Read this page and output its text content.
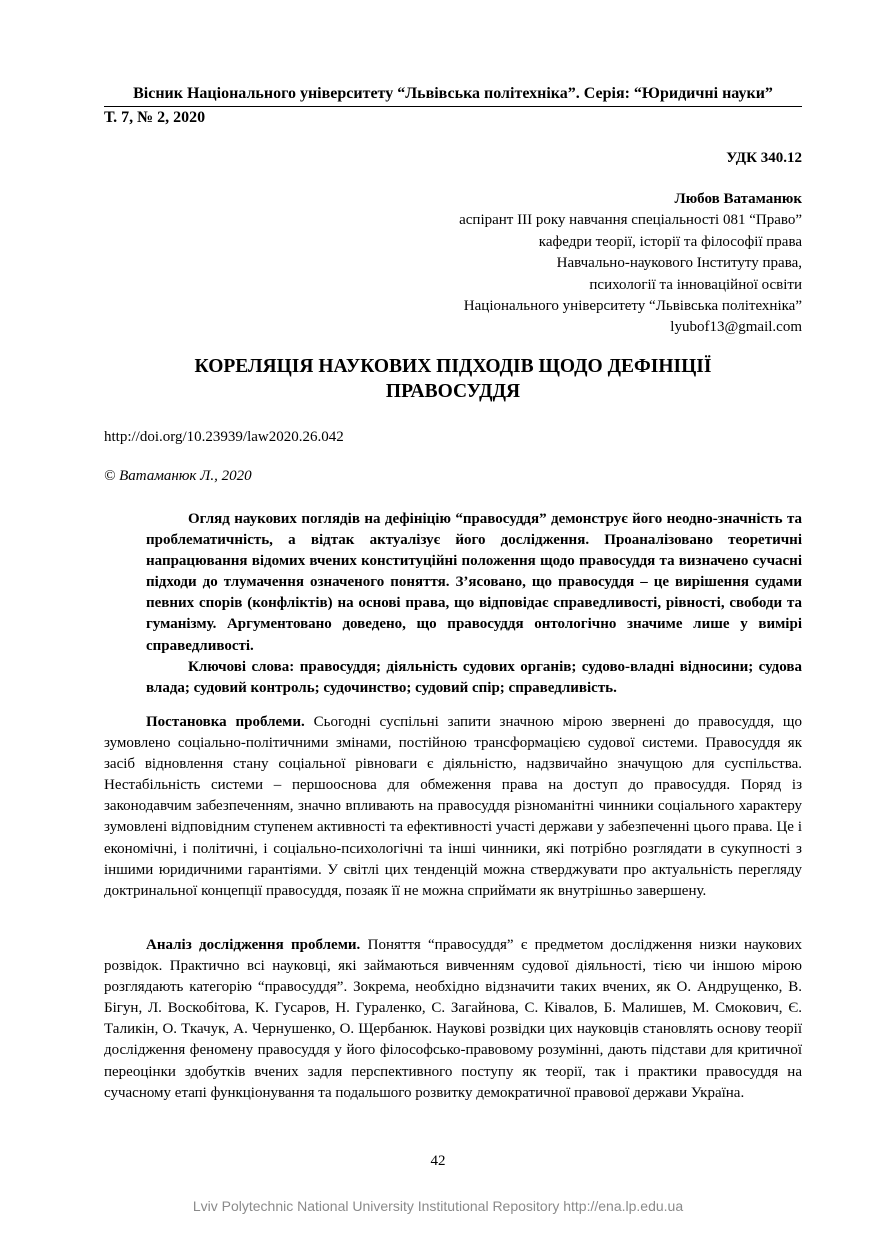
Вісник Національного університету “Львівська політехніка”. Серія: “Юридичні науки”
Т. 7, № 2, 2020
УДК 340.12
Любов Ватаманюк
аспірант ІІІ року навчання спеціальності 081 “Право”
кафедри теорії, історії та філософії права
Навчально-наукового Інституту права,
психології та інноваційної освіти
Національного університету “Львівська політехніка”
lyubof13@gmail.com
КОРЕЛЯЦІЯ НАУКОВИХ ПІДХОДІВ ЩОДО ДЕФІНІЦІЇ
ПРАВОСУДДЯ
http://doi.org/10.23939/law2020.26.042
© Ватаманюк Л., 2020

Огляд наукових поглядів на дефініцію “правосуддя” демонструє його неодно-значність та проблематичність, а відтак актуалізує його дослідження. Проаналізовано теоретичні напрацювання відомих вчених конституційні положення щодо правосуддя та визначено сучасні підходи до тлумачення означеного поняття. З’ясовано, що правосуддя – це вирішення судами певних спорів (конфліктів) на основі права, що відповідає справедливості, рівності, свободи та гуманізму. Аргументовано доведено, що правосуддя онтологічно значиме лише у вимірі справедливості.

Ключові слова: правосуддя; діяльність судових органів; судово-владні відносини; судова влада; судовий контроль; судочинство; судовий спір; справедливість.

Постановка проблеми. Сьогодні суспільні запити значною мірою звернені до правосуддя, що зумовлено соціально-політичними змінами, постійною трансформацією судової системи. Правосуддя як засіб відновлення стану соціальної рівноваги є діяльністю, надзвичайно значущою для суспільства. Нестабільність системи – першооснова для обмеження права на доступ до правосуддя. Поряд із законодавчим забезпеченням, значно впливають на правосуддя різноманітні чинники соціального характеру зумовлені відповідним ступенем активності та ефективності участі держави у забезпеченні цього права. Це і економічні, і політичні, і соціально-психологічні та інші чинники, які потрібно розглядати в сукупності з іншими юридичними гарантіями. У світлі цих тенденцій можна стверджувати про актуальність перегляду доктринальної концепції правосуддя, позаяк її не можна сприймати як внутрішньо завершену.

Аналіз дослідження проблеми. Поняття “правосуддя” є предметом дослідження низки наукових розвідок. Практично всі науковці, які займаються вивченням судової діяльності, тією чи іншою мірою розглядають категорію “правосуддя”. Зокрема, необхідно відзначити таких вчених, як О. Андрущенко, В. Бігун, Л. Воскобітова, К. Гусаров, Н. Гураленко, С. Загайнова, С. Ківалов, Б. Малишев, М. Смокович, Є. Таликін, О. Ткачук, А. Чернушенко, О. Щербанюк. Наукові розвідки цих науковців становлять основу теорії дослідження феномену правосуддя у його філософсько-правовому розумінні, дають підстави для критичної переоцінки здобутків вчених задля перспективного поступу як теорії, так і практики правосуддя на сучасному етапі функціонування та подальшого розвитку демократичної правової держави Україна.

42
Lviv Polytechnic National University Institutional Repository http://ena.lp.edu.ua
